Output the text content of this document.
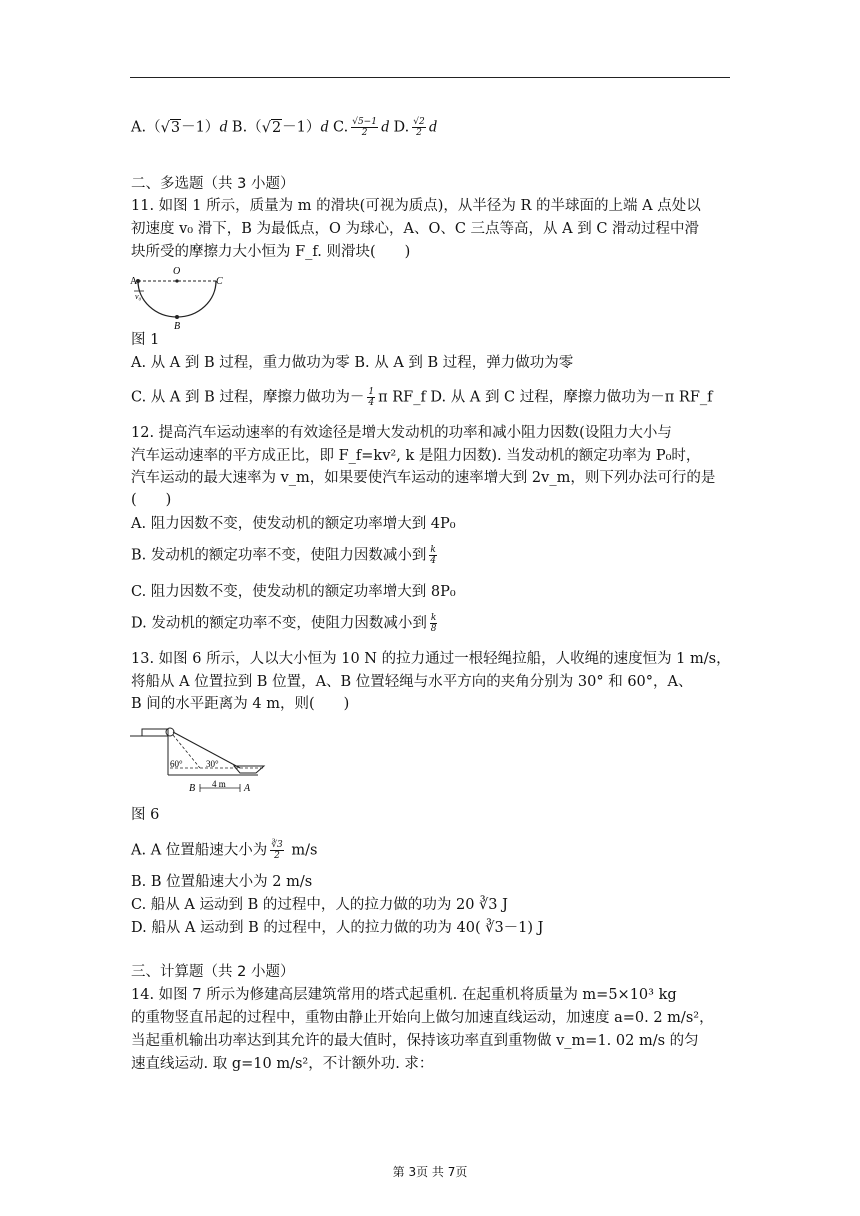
A.（√3－1）d B.（√2－1）d C. $\frac{√5-1}{2}$ d D. $\frac{√2}{2}$ d
二、多选题（共 3 小题）
11. 如图 1 所示，质量为 m 的滑块(可视为质点)，从半径为 R 的半球面的上端 A 点处以
初速度 v₀ 滑下，B 为最低点，O 为球心，A、O、C 三点等高，从 A 到 C 滑动过程中滑
块所受的摩擦力大小恒为 F_f. 则滑块(　　)
A
O
C
v₀
B
图 1
A. 从 A 到 B 过程，重力做功为零 B. 从 A 到 B 过程，弹力做功为零
C. 从 A 到 B 过程，摩擦力做功为－ $\frac{1}{4}$ π RF_f D. 从 A 到 C 过程，摩擦力做功为－π RF_f
12. 提高汽车运动速率的有效途径是增大发动机的功率和减小阻力因数(设阻力大小与
汽车运动速率的平方成正比，即 F_f=kv², k 是阻力因数). 当发动机的额定功率为 P₀时，
汽车运动的最大速率为 v_m，如果要使汽车运动的速率增大到 2v_m，则下列办法可行的是
(　　)
A. 阻力因数不变，使发动机的额定功率增大到 4P₀
B. 发动机的额定功率不变，使阻力因数减小到 $\frac{k}{4}$
C. 阻力因数不变，使发动机的额定功率增大到 8P₀
D. 发动机的额定功率不变，使阻力因数减小到 $\frac{k}{8}$
13. 如图 6 所示，人以大小恒为 10 N 的拉力通过一根轻绳拉船，人收绳的速度恒为 1 m/s，
将船从 A 位置拉到 B 位置，A、B 位置轻绳与水平方向的夹角分别为 30° 和 60°，A、
B 间的水平距离为 4 m，则(　　)
60°	30°
B 4 m A
图 6
A. A 位置船速大小为 $\frac{∛3}{2} m/s$
B. B 位置船速大小为 2 m/s
C. 船从 A 运动到 B 的过程中，人的拉力做的功为 20 ∛3 J
D. 船从 A 运动到 B 的过程中，人的拉力做的功为 40( ∛3－1) J
三、计算题（共 2 小题）
14. 如图 7 所示为修建高层建筑常用的塔式起重机. 在起重机将质量为 m=5×10³ kg
的重物竖直吊起的过程中，重物由静止开始向上做匀加速直线运动，加速度 a=0. 2 m/s²，
当起重机输出功率达到其允许的最大值时，保持该功率直到重物做 v_m=1. 02 m/s 的匀
速直线运动. 取 g=10 m/s²，不计额外功. 求：
第 3页 共 7页
